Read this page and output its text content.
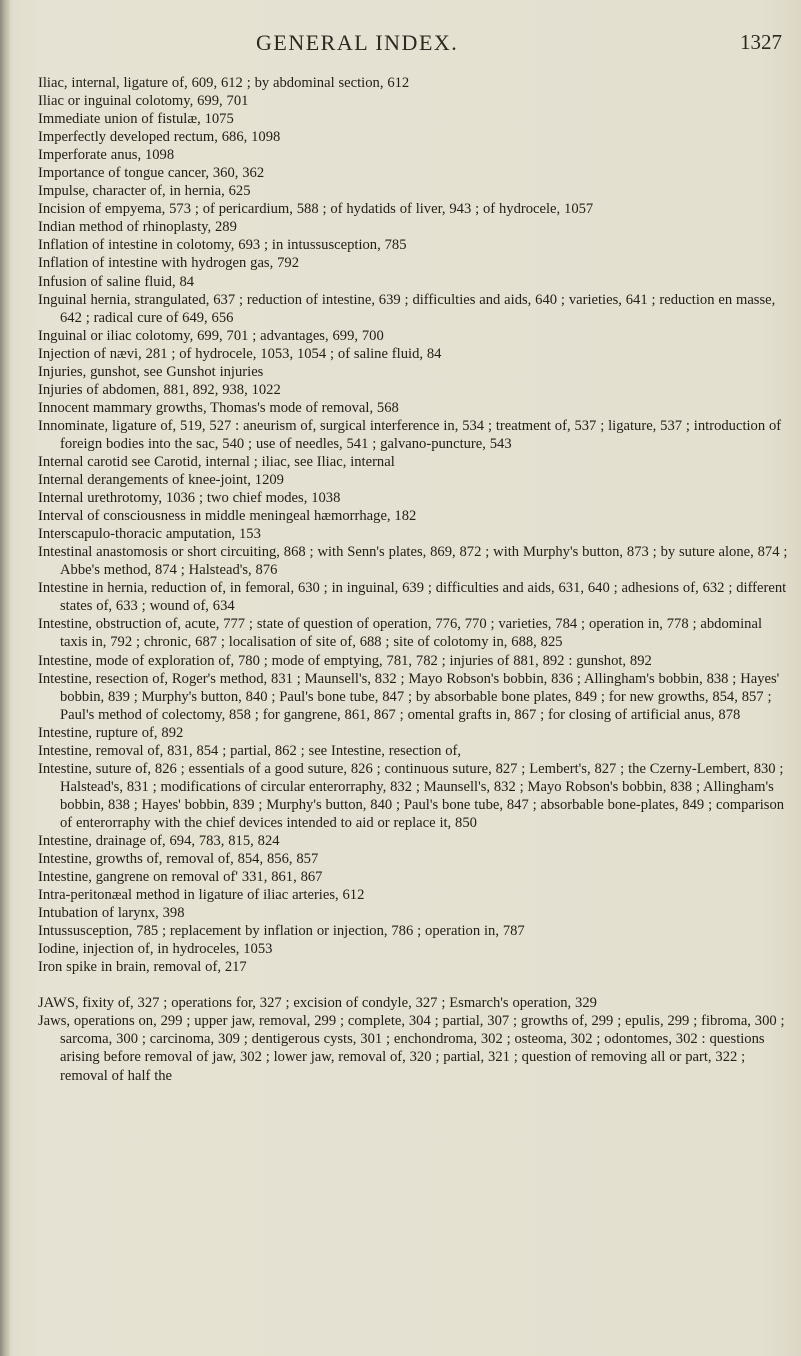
GENERAL INDEX.	1327

Iliac, internal, ligature of, 609, 612 ; by abdominal section, 612

Iliac or inguinal colotomy, 699, 701

Immediate union of fistulæ, 1075

Imperfectly developed rectum, 686, 1098

Imperforate anus, 1098

Importance of tongue cancer, 360, 362

Impulse, character of, in hernia, 625

Incision of empyema, 573 ; of pericardium, 588 ; of hydatids of liver, 943 ; of hydrocele, 1057

Indian method of rhinoplasty, 289

Inflation of intestine in colotomy, 693 ; in intussusception, 785

Inflation of intestine with hydrogen gas, 792

Infusion of saline fluid, 84

Inguinal hernia, strangulated, 637 ; reduction of intestine, 639 ; difficulties and aids, 640 ; varieties, 641 ; reduction en masse, 642 ; radical cure of 649, 656

Inguinal or iliac colotomy, 699, 701 ; advantages, 699, 700

Injection of nævi, 281 ; of hydrocele, 1053, 1054 ; of saline fluid, 84

Injuries, gunshot, see Gunshot injuries

Injuries of abdomen, 881, 892, 938, 1022

Innocent mammary growths, Thomas's mode of removal, 568

Innominate, ligature of, 519, 527 : aneurism of, surgical interference in, 534 ; treatment of, 537 ; ligature, 537 ; introduction of foreign bodies into the sac, 540 ; use of needles, 541 ; galvano-puncture, 543

Internal carotid see Carotid, internal ; iliac, see Iliac, internal

Internal derangements of knee-joint, 1209

Internal urethrotomy, 1036 ; two chief modes, 1038

Interval of consciousness in middle meningeal hæmorrhage, 182

Interscapulo-thoracic amputation, 153

Intestinal anastomosis or short circuiting, 868 ; with Senn's plates, 869, 872 ; with Murphy's button, 873 ; by suture alone, 874 ; Abbe's method, 874 ; Halstead's, 876

Intestine in hernia, reduction of, in femoral, 630 ; in inguinal, 639 ; difficulties and aids, 631, 640 ; adhesions of, 632 ; different states of, 633 ; wound of, 634

Intestine, obstruction of, acute, 777 ; state of question of operation, 776, 770 ; varieties, 784 ; operation in, 778 ; abdominal taxis in, 792 ; chronic, 687 ; localisation of site of, 688 ; site of colotomy in, 688, 825

Intestine, mode of exploration of, 780 ; mode of emptying, 781, 782 ; injuries of 881, 892 : gunshot, 892

Intestine, resection of, Roger's method, 831 ; Maunsell's, 832 ; Mayo Robson's bobbin, 836 ; Allingham's bobbin, 838 ; Hayes' bobbin, 839 ; Murphy's button, 840 ; Paul's bone tube, 847 ; by absorbable bone plates, 849 ; for new growths, 854, 857 ; Paul's method of colectomy, 858 ; for gangrene, 861, 867 ; omental grafts in, 867 ; for closing of artificial anus, 878

Intestine, rupture of, 892

Intestine, removal of, 831, 854 ; partial, 862 ; see Intestine, resection of,

Intestine, suture of, 826 ; essentials of a good suture, 826 ; continuous suture, 827 ; Lembert's, 827 ; the Czerny-Lembert, 830 ; Halstead's, 831 ; modifications of circular enterorraphy, 832 ; Maunsell's, 832 ; Mayo Robson's bobbin, 838 ; Allingham's bobbin, 838 ; Hayes' bobbin, 839 ; Murphy's button, 840 ; Paul's bone tube, 847 ; absorbable bone-plates, 849 ; comparison of enterorraphy with the chief devices intended to aid or replace it, 850

Intestine, drainage of, 694, 783, 815, 824

Intestine, growths of, removal of, 854, 856, 857

Intestine, gangrene on removal of' 331, 861, 867

Intra-peritonæal method in ligature of iliac arteries, 612

Intubation of larynx, 398

Intussusception, 785 ; replacement by inflation or injection, 786 ; operation in, 787

Iodine, injection of, in hydroceles, 1053

Iron spike in brain, removal of, 217

JAWS, fixity of, 327 ; operations for, 327 ; excision of condyle, 327 ; Esmarch's operation, 329

Jaws, operations on, 299 ; upper jaw, removal, 299 ; complete, 304 ; partial, 307 ; growths of, 299 ; epulis, 299 ; fibroma, 300 ; sarcoma, 300 ; carcinoma, 309 ; dentigerous cysts, 301 ; enchondroma, 302 ; osteoma, 302 ; odontomes, 302 : questions arising before removal of jaw, 302 ; lower jaw, removal of, 320 ; partial, 321 ; question of removing all or part, 322 ; removal of half the
